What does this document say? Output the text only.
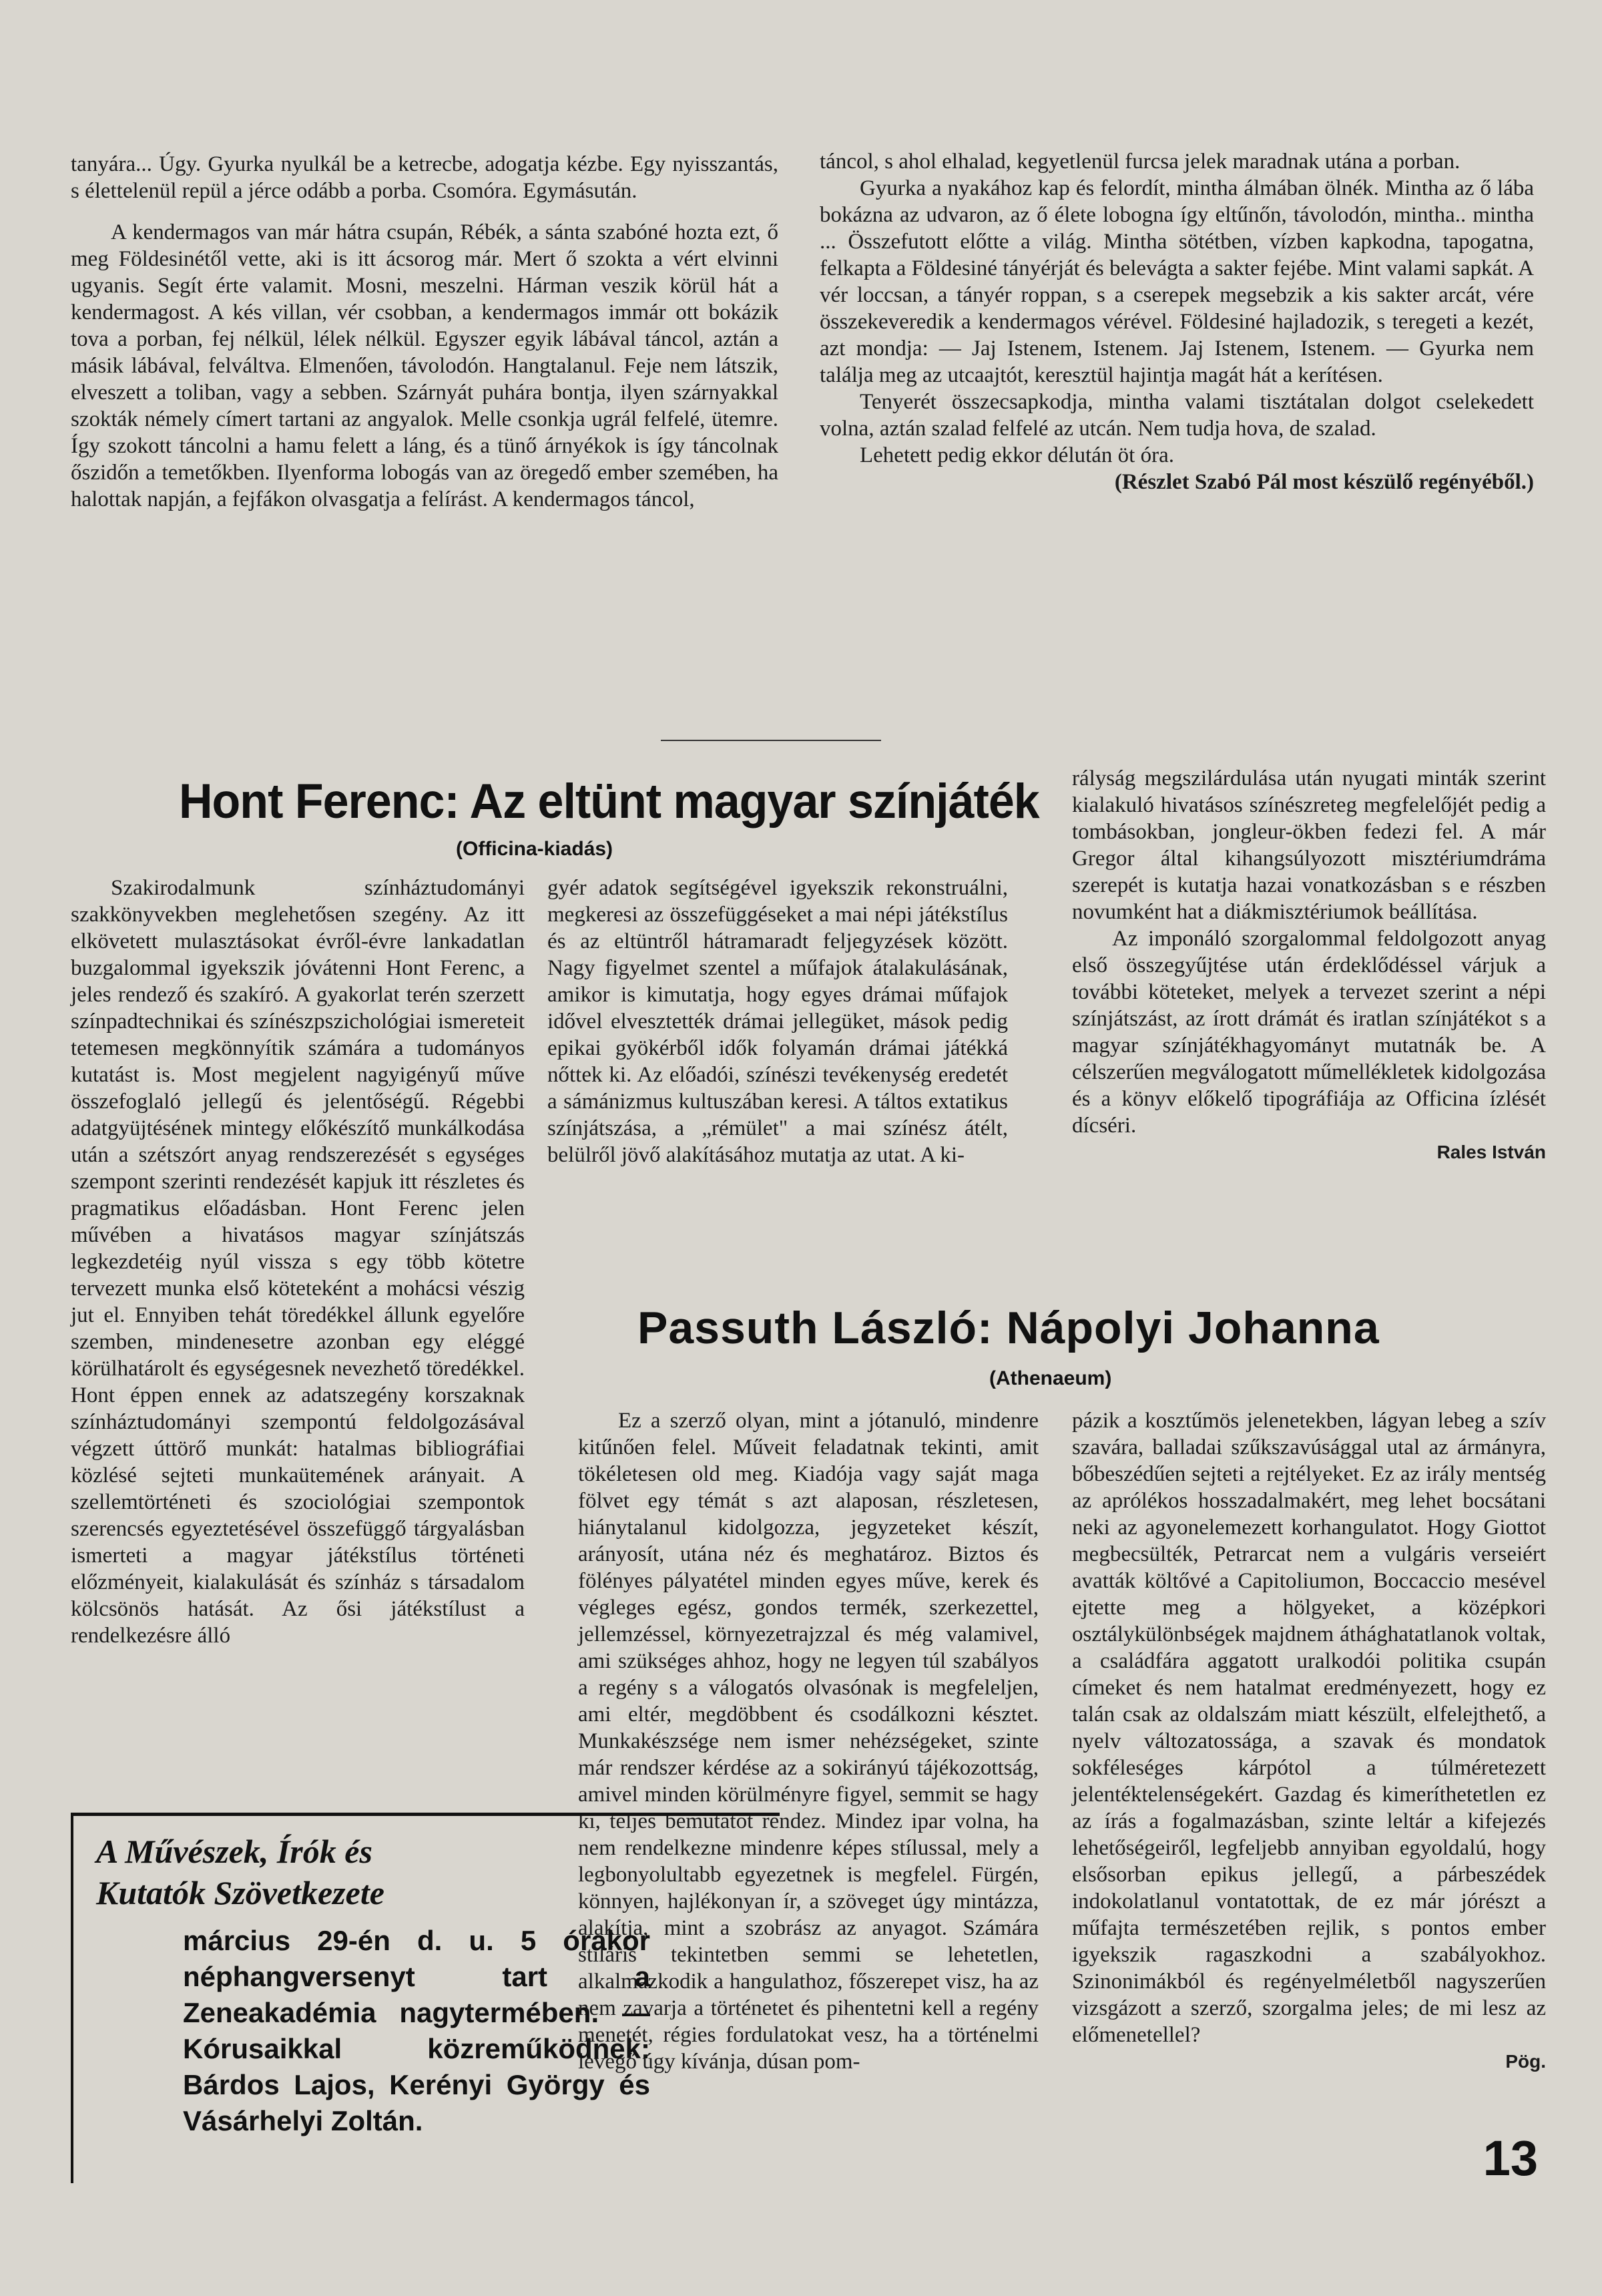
tanyára... Úgy. Gyurka nyulkál be a ketrecbe, adogatja kézbe. Egy nyisszantás, s élettelenül repül a jérce odább a porba. Csomóra. Egymásután.

A kendermagos van már hátra csupán, Rébék, a sánta szabóné hozta ezt, ő meg Földesinétől vette, aki is itt ácsorog már. Mert ő szokta a vért elvinni ugyanis. Segít érte valamit. Mosni, meszelni. Hárman veszik körül hát a kendermagost. A kés villan, vér csobban, a kendermagos immár ott bokázik tova a porban, fej nélkül, lélek nélkül. Egyszer egyik lábával táncol, aztán a másik lábával, felváltva. Elmenően, távolodón. Hangtalanul. Feje nem látszik, elveszett a toliban, vagy a sebben. Szárnyát puhára bontja, ilyen szárnyakkal szokták némely címert tartani az angyalok. Melle csonkja ugrál felfelé, ütemre. Így szokott táncolni a hamu felett a láng, és a tünő árnyékok is így táncolnak őszidőn a temetőkben. Ilyenforma lobogás van az öregedő ember szemében, ha halottak napján, a fejfákon olvasgatja a felírást. A kendermagos táncol,

táncol, s ahol elhalad, kegyetlenül furcsa jelek maradnak utána a porban.

Gyurka a nyakához kap és felordít, mintha álmában ölnék. Mintha az ő lába bokázna az udvaron, az ő élete lobogna így eltűnőn, távolodón, mintha.. mintha ... Összefutott előtte a világ. Mintha sötétben, vízben kapkodna, tapogatna, felkapta a Földesiné tányérját és belevágta a sakter fejébe. Mint valami sapkát. A vér loccsan, a tányér roppan, s a cserepek megsebzik a kis sakter arcát, vére összekeveredik a kendermagos vérével. Földesiné hajladozik, s teregeti a kezét, azt mondja: — Jaj Istenem, Istenem. Jaj Istenem, Istenem. — Gyurka nem találja meg az utcaajtót, keresztül hajintja magát hát a kerítésen.

Tenyerét összecsapkodja, mintha valami tisztátalan dolgot cselekedett volna, aztán szalad felfelé az utcán. Nem tudja hova, de szalad.

Lehetett pedig ekkor délután öt óra.

(Részlet Szabó Pál most készülő regényéből.)

Hont Ferenc: Az eltünt magyar színjáték
(Officina-kiadás)

Szakirodalmunk színháztudományi szakkönyvekben meglehetősen szegény. Az itt elkövetett mulasztásokat évről-évre lankadatlan buzgalommal igyekszik jóvátenni Hont Ferenc, a jeles rendező és szakíró. A gyakorlat terén szerzett színpadtechnikai és színészpszichológiai ismereteit tetemesen megkönnyítik számára a tudományos kutatást is. Most megjelent nagyigényű műve összefoglaló jellegű és jelentőségű. Régebbi adatgyüjtésének mintegy előkészítő munkálkodása után a szétszórt anyag rendszerezését s egységes szempont szerinti rendezését kapjuk itt részletes és pragmatikus előadásban. Hont Ferenc jelen művében a hivatásos magyar színjátszás legkezdetéig nyúl vissza s egy több kötetre tervezett munka első köteteként a mohácsi vészig jut el. Ennyiben tehát töredékkel állunk egyelőre szemben, mindenesetre azonban egy eléggé körülhatárolt és egységesnek nevezhető töredékkel. Hont éppen ennek az adatszegény korszaknak színháztudományi szempontú feldolgozásával végzett úttörő munkát: hatalmas bibliográfiai közlésé sejteti munkaütemének arányait. A szellemtörténeti és szociológiai szempontok szerencsés egyeztetésével összefüggő tárgyalásban ismerteti a magyar játékstílus történeti előzményeit, kialakulását és színház s társadalom kölcsönös hatását. Az ősi játékstílust a rendelkezésre álló

gyér adatok segítségével igyekszik rekonstruálni, megkeresi az összefüggéseket a mai népi játékstílus és az eltüntről hátramaradt feljegyzések között. Nagy figyelmet szentel a műfajok átalakulásának, amikor is kimutatja, hogy egyes drámai műfajok idővel elvesztették drámai jellegüket, mások pedig epikai gyökérből idők folyamán drámai játékká nőttek ki. Az előadói, színészi tevékenység eredetét a sámánizmus kultuszában keresi. A táltos extatikus színjátszása, a „rémület" a mai színész átélt, belülről jövő alakításához mutatja az utat. A ki-

rályság megszilárdulása után nyugati minták szerint kialakuló hivatásos színészreteg megfelelőjét pedig a tombásokban, jongleur-ökben fedezi fel. A már Gregor által kihangsúlyozott misztériumdráma szerepét is kutatja hazai vonatkozásban s e részben novumként hat a diákmisztériumok beállítása.

Az imponáló szorgalommal feldolgozott anyag első összegyűjtése után érdeklődéssel várjuk a további köteteket, melyek a tervezet szerint a népi színjátszást, az írott drámát és iratlan színjátékot s a magyar színjátékhagyományt mutatnák be. A célszerűen megválogatott műmellékletek kidolgozása és a könyv előkelő tipográfiája az Officina ízlését dícséri.

Rales István

Passuth László: Nápolyi Johanna
(Athenaeum)

Ez a szerző olyan, mint a jótanuló, mindenre kitűnően felel. Műveit feladatnak tekinti, amit tökéletesen old meg. Kiadója vagy saját maga fölvet egy témát s azt alaposan, részletesen, hiánytalanul kidolgozza, jegyzeteket készít, arányosít, utána néz és meghatároz. Biztos és fölényes pályatétel minden egyes műve, kerek és végleges egész, gondos termék, szerkezettel, jellemzéssel, környezetrajzzal és még valamivel, ami szükséges ahhoz, hogy ne legyen túl szabályos a regény s a válogatós olvasónak is megfeleljen, ami eltér, megdöbbent és csodálkozni késztet. Munkakészsége nem ismer nehézségeket, szinte már rendszer kérdése az a sokirányú tájékozottság, amivel minden körülményre figyel, semmit se hagy ki, teljes bemutatót rendez. Mindez ipar volna, ha nem rendelkezne mindenre képes stílussal, mely a legbonyolultabb egyezetnek is megfelel. Fürgén, könnyen, hajlékonyan ír, a szöveget úgy mintázza, alakítja, mint a szobrász az anyagot. Számára stiláris tekintetben semmi se lehetetlen, alkalmazkodik a hangulathoz, főszerepet visz, ha az nem zavarja a történetet és pihentetni kell a regény menetét, régies fordulatokat vesz, ha a történelmi levegő úgy kívánja, dúsan pom-

pázik a kosztűmös jelenetekben, lágyan lebeg a szív szavára, balladai szűkszavúsággal utal az ármányra, bőbeszédűen sejteti a rejtélyeket. Ez az irály mentség az aprólékos hosszadalmakért, meg lehet bocsátani neki az agyonelemezett korhangulatot. Hogy Giottot megbecsülték, Petrarcat nem a vulgáris verseiért avatták költővé a Capitoliumon, Boccaccio mesével ejtette meg a hölgyeket, a középkori osztálykülönbségek majdnem áthághatatlanok voltak, a családfára aggatott uralkodói politika csupán címeket és nem hatalmat eredményezett, hogy ez talán csak az oldalszám miatt készült, elfelejthető, a nyelv változatossága, a szavak és mondatok sokféleséges kárpótol a túlméretezett jelentéktelenségekért. Gazdag és kimeríthetetlen ez az írás a fogalmazásban, szinte leltár a kifejezés lehetőségeiről, legfeljebb annyiban egyoldalú, hogy elsősorban epikus jellegű, a párbeszédek indokolatlanul vontatottak, de ez már jórészt a műfajta természetében rejlik, s pontos ember igyekszik ragaszkodni a szabályokhoz. Szinonimákból és regényelméletből nagyszerűen vizsgázott a szerző, szorgalma jeles; de mi lesz az előmenetellel?

Pög.

A Művészek, Írók és

Kutatók Szövetkezete

március 29-én d. u. 5 órakor néphangversenyt tart a Zeneakadémia nagytermében. — Kórusaikkal közreműködnek: Bárdos Lajos, Kerényi György és Vásárhelyi Zoltán.

13
